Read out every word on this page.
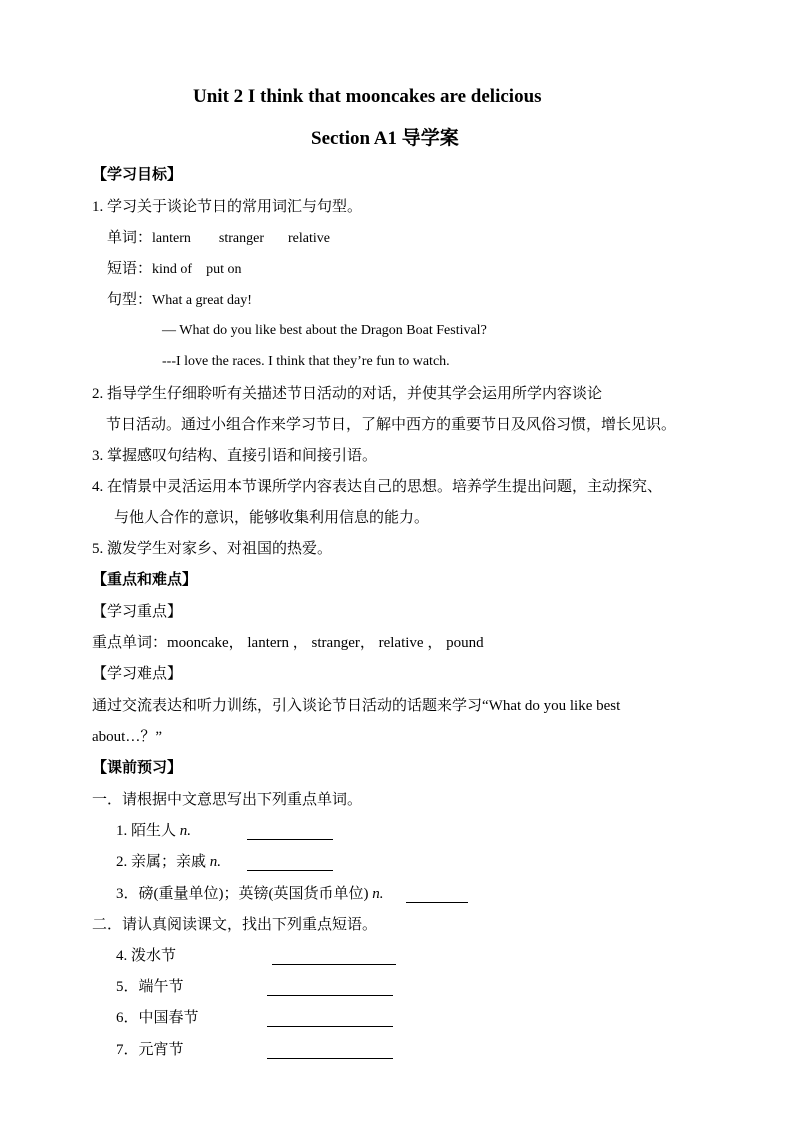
Unit 2 I think that mooncakes are delicious
Section A1 导学案
【学习目标】
1. 学习关于谈论节日的常用词汇与句型。
单词：lantern stranger relative
短语：kind of put on
句型：What a great day!
— What do you like best about the Dragon Boat Festival?
---I love the races. I think that they’re fun to watch.
2. 指导学生仔细聆听有关描述节日活动的对话，并使其学会运用所学内容谈论
节日活动。通过小组合作来学习节日，了解中西方的重要节日及风俗习惯，增长见识。
3. 掌握感叹句结构、直接引语和间接引语。
4. 在情景中灵活运用本节课所学内容表达自己的思想。培养学生提出问题，主动探究、
与他人合作的意识，能够收集利用信息的能力。
5. 激发学生对家乡、对祖国的热爱。
【重点和难点】
【学习重点】
重点单词：mooncake， lantern ， stranger， relative ， pound
【学习难点】
通过交流表达和听力训练，引入谈论节日活动的话题来学习“What do you like best
about…？”
【课前预习】
一．请根据中文意思写出下列重点单词。
1. 陌生人 n.
2. 亲属；亲戚 n.
3．磅(重量单位)；英镑(英国货币单位) n.
二．请认真阅读课文，找出下列重点短语。
4. 泼水节
5．端午节
6．中国春节
7．元宵节
